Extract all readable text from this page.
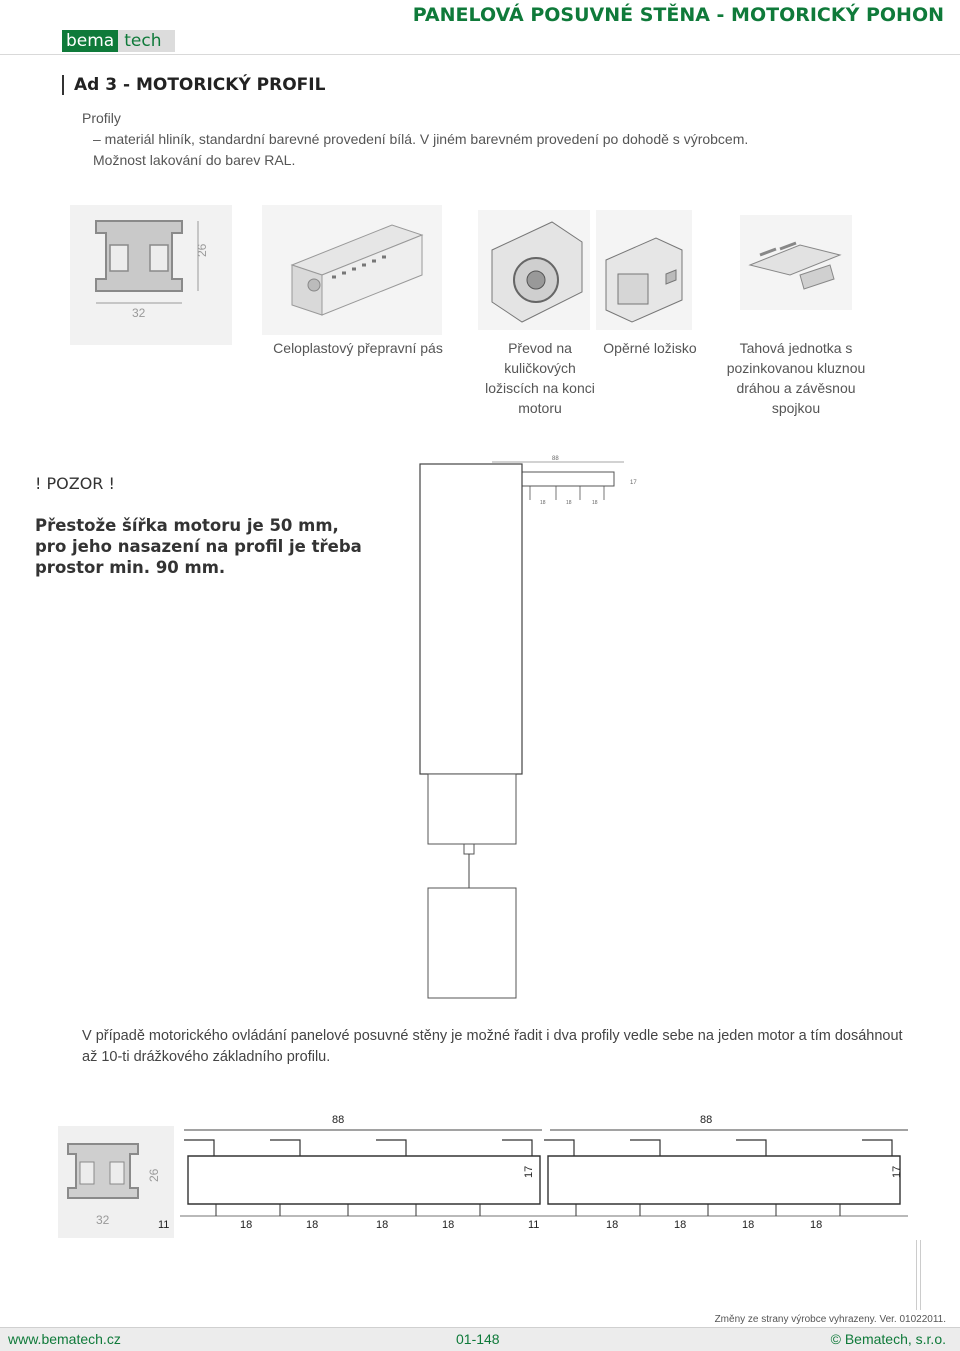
bema tech
PANELOVÁ POSUVNÉ STĚNA - MOTORICKÝ POHON
Ad 3 - MOTORICKÝ PROFIL
Profily
– materiál hliník, standardní barevné provedení bílá. V jiném barevném provedení po dohodě s výrobcem.
Možnost lakování do barev RAL.
26
32
Celoplastový přepravní pás	Převod na
kuličkových
ložiscích na konci
motoru
Opěrné ložisko	Tahová jednotka s
pozinkovanou kluznou
dráhou a závěsnou
spojkou
! POZOR !
Přestože šířka motoru je 50 mm,
pro jeho nasazení na profil je třeba
prostor min. 90 mm.
88
17
18	18	18
V případě motorického ovládání panelové posuvné stěny je možné řadit i dva profily vedle sebe na jeden motor a tím dosáhnout až 10-ti drážkového základního profilu.
26
32
88	88
17	17
11	18	18	18	18	11	18	18	18	18
Změny ze strany výrobce vyhrazeny. Ver. 01022011.
www.bematech.cz	01-148	© Bematech, s.r.o.
